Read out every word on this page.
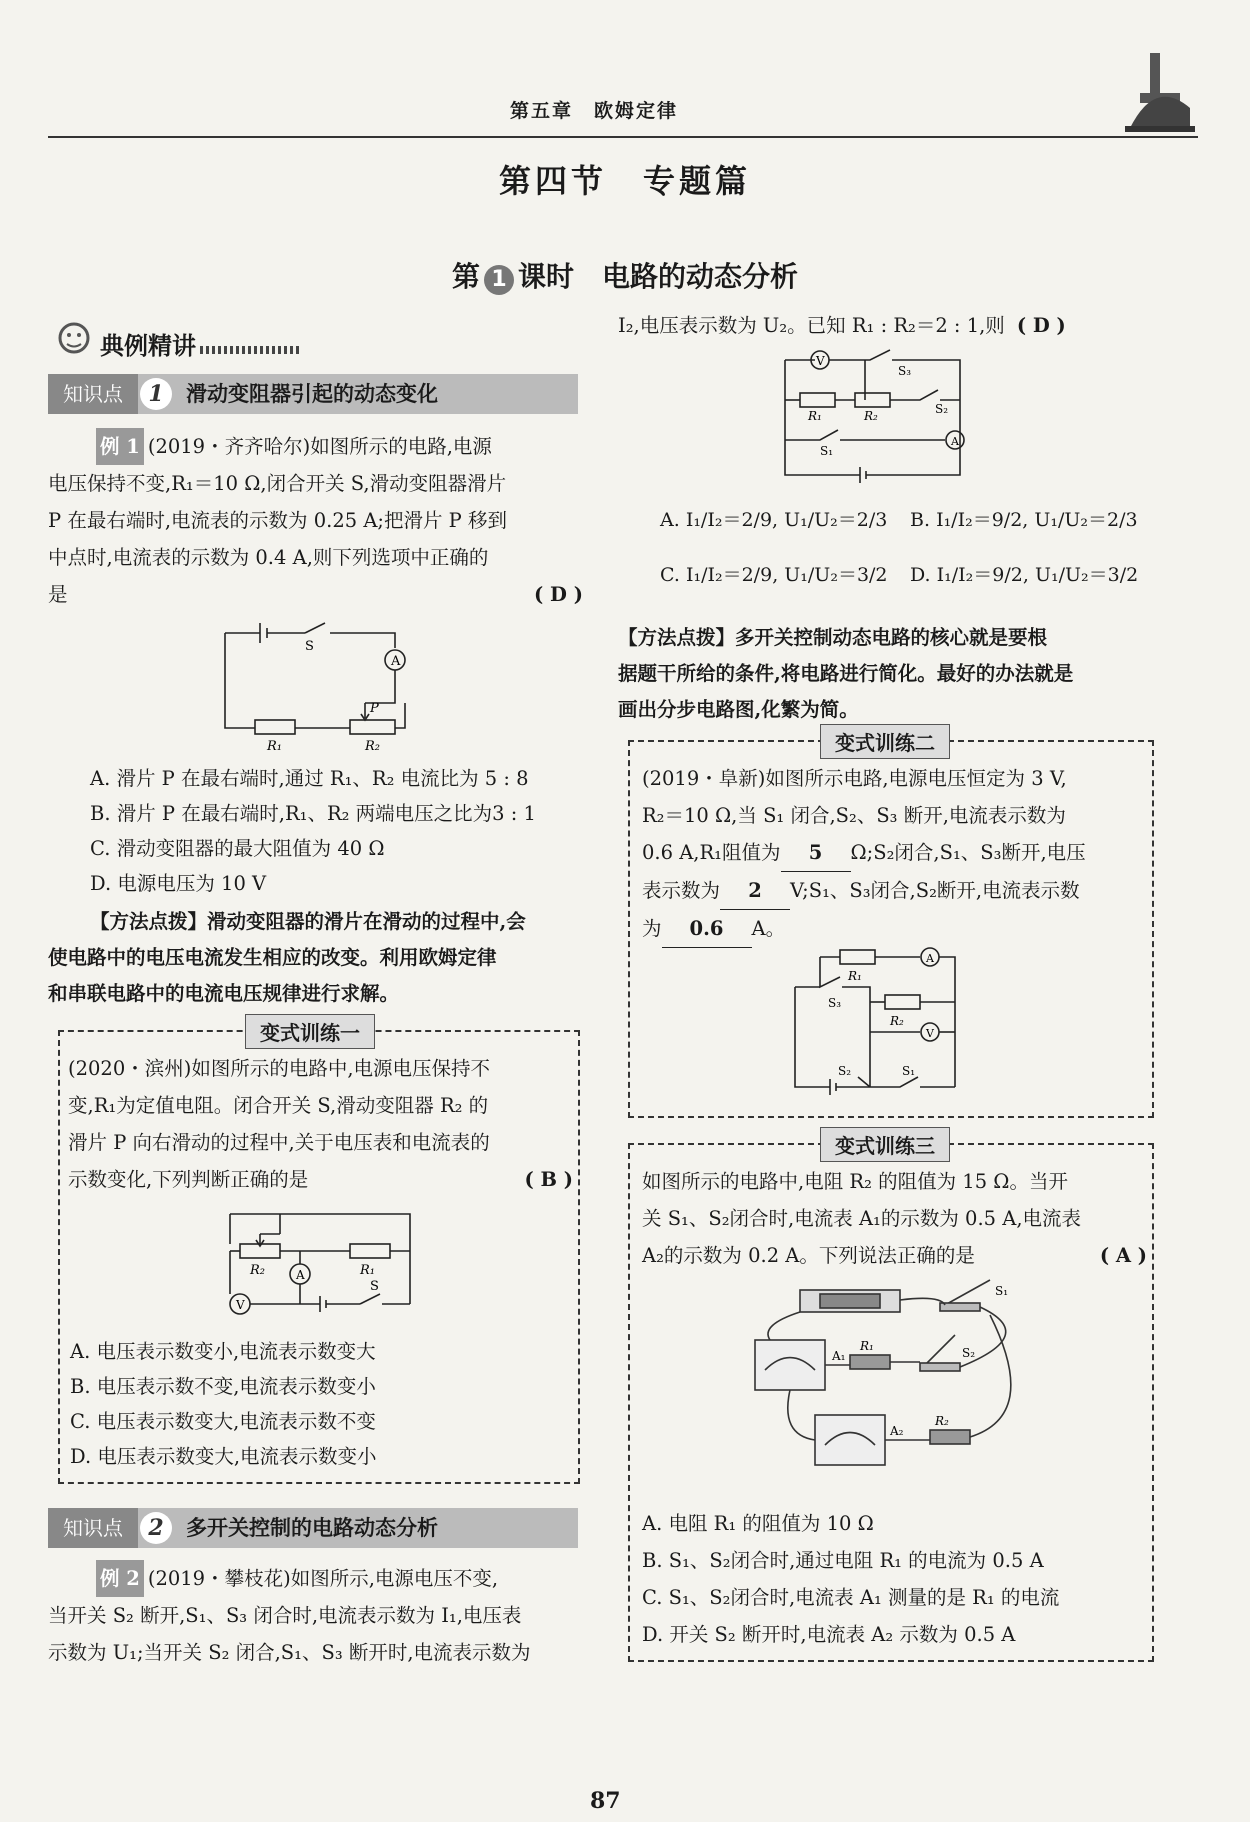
第五章　欧姆定律
第四节　专题篇
第 1 课时　电路的动态分析
典例精讲
知识点	1	滑动变阻器引起的动态变化
例 1 (2019・齐齐哈尔)如图所示的电路,电源
电压保持不变,R₁＝10 Ω,闭合开关 S,滑动变阻器滑片
P 在最右端时,电流表的示数为 0.25 A;把滑片 P 移到
中点时,电流表的示数为 0.4 A,则下列选项中正确的
是	( D )
S
A
P
R₁	R₂
A. 滑片 P 在最右端时,通过 R₁、R₂ 电流比为 5 : 8
B. 滑片 P 在最右端时,R₁、R₂ 两端电压之比为3 : 1
C. 滑动变阻器的最大阻值为 40 Ω
D. 电源电压为 10 V
【方法点拨】滑动变阻器的滑片在滑动的过程中,会
使电路中的电压电流发生相应的改变。利用欧姆定律
和串联电路中的电流电压规律进行求解。
变式训练一
(2020・滨州)如图所示的电路中,电源电压保持不
变,R₁为定值电阻。闭合开关 S,滑动变阻器 R₂ 的
滑片 P 向右滑动的过程中,关于电压表和电流表的
示数变化,下列判断正确的是	( B )
R₂	R₁
A
V
S
A. 电压表示数变小,电流表示数变大
B. 电压表示数不变,电流表示数变小
C. 电压表示数变大,电流表示数不变
D. 电压表示数变大,电流表示数变小
知识点	2	多开关控制的电路动态分析
例 2 (2019・攀枝花)如图所示,电源电压不变,
当开关 S₂ 断开,S₁、S₃ 闭合时,电流表示数为 I₁,电压表
示数为 U₁;当开关 S₂ 闭合,S₁、S₃ 断开时,电流表示数为
87
I₂,电压表示数为 U₂。已知 R₁ : R₂＝2 : 1,则 ( D )
V
S₃
R₁	R₂	S₂
S₁
A
A. I₁/I₂＝2/9, U₁/U₂＝2/3 B. I₁/I₂＝9/2, U₁/U₂＝2/3
C. I₁/I₂＝2/9, U₁/U₂＝3/2 D. I₁/I₂＝9/2, U₁/U₂＝3/2
【方法点拨】多开关控制动态电路的核心就是要根
据题干所给的条件,将电路进行简化。最好的办法就是
画出分步电路图,化繁为简。
变式训练二
(2019・阜新)如图所示电路,电源电压恒定为 3 V,
R₂＝10 Ω,当 S₁ 闭合,S₂、S₃ 断开,电流表示数为
0.6 A,R₁阻值为 5 Ω;S₂闭合,S₁、S₃断开,电压
表示数为 2 V;S₁、S₃闭合,S₂断开,电流表示数
为 0.6 A。
R₁
A
S₃
R₂
V
S₂	S₁
变式训练三
如图所示的电路中,电阻 R₂ 的阻值为 15 Ω。当开
关 S₁、S₂闭合时,电流表 A₁的示数为 0.5 A,电流表
A₂的示数为 0.2 A。下列说法正确的是	( A )
S₁
A₁
R₁	S₂
A₂
R₂
A. 电阻 R₁ 的阻值为 10 Ω
B. S₁、S₂闭合时,通过电阻 R₁ 的电流为 0.5 A
C. S₁、S₂闭合时,电流表 A₁ 测量的是 R₁ 的电流
D. 开关 S₂ 断开时,电流表 A₂ 示数为 0.5 A
